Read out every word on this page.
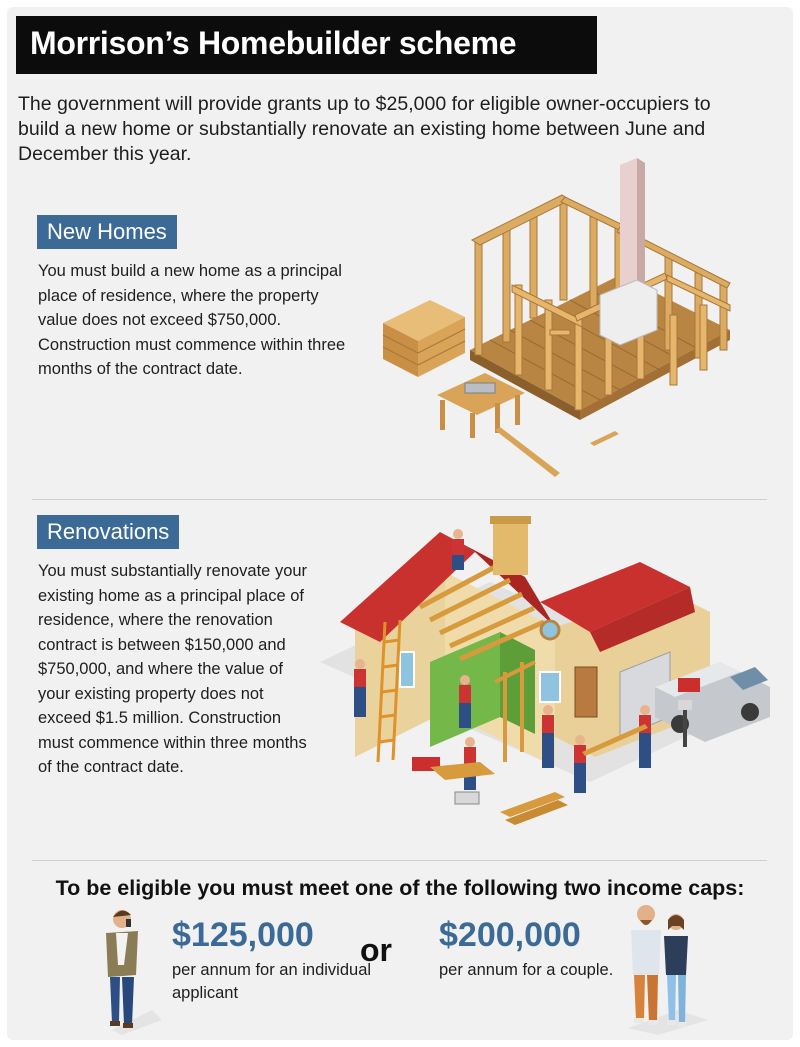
Morrison’s Homebuilder scheme
The government will provide grants up to $25,000 for eligible owner-occupiers to build a new home or substantially renovate an existing home between June and December this year.
New Homes
You must build a new home as a principal place of residence, where the property value does not exceed $750,000. Construction must commence within three months of the contract date.
Renovations
You must substantially renovate your existing home as a principal place of residence, where the renovation contract is between $150,000 and $750,000, and where the value of your existing property does not exceed $1.5 million. Construction must commence within three months of the contract date.
To be eligible you must meet one of the following two income caps:
$125,000
per annum for an individual applicant
or $200,000
per annum for a couple.
